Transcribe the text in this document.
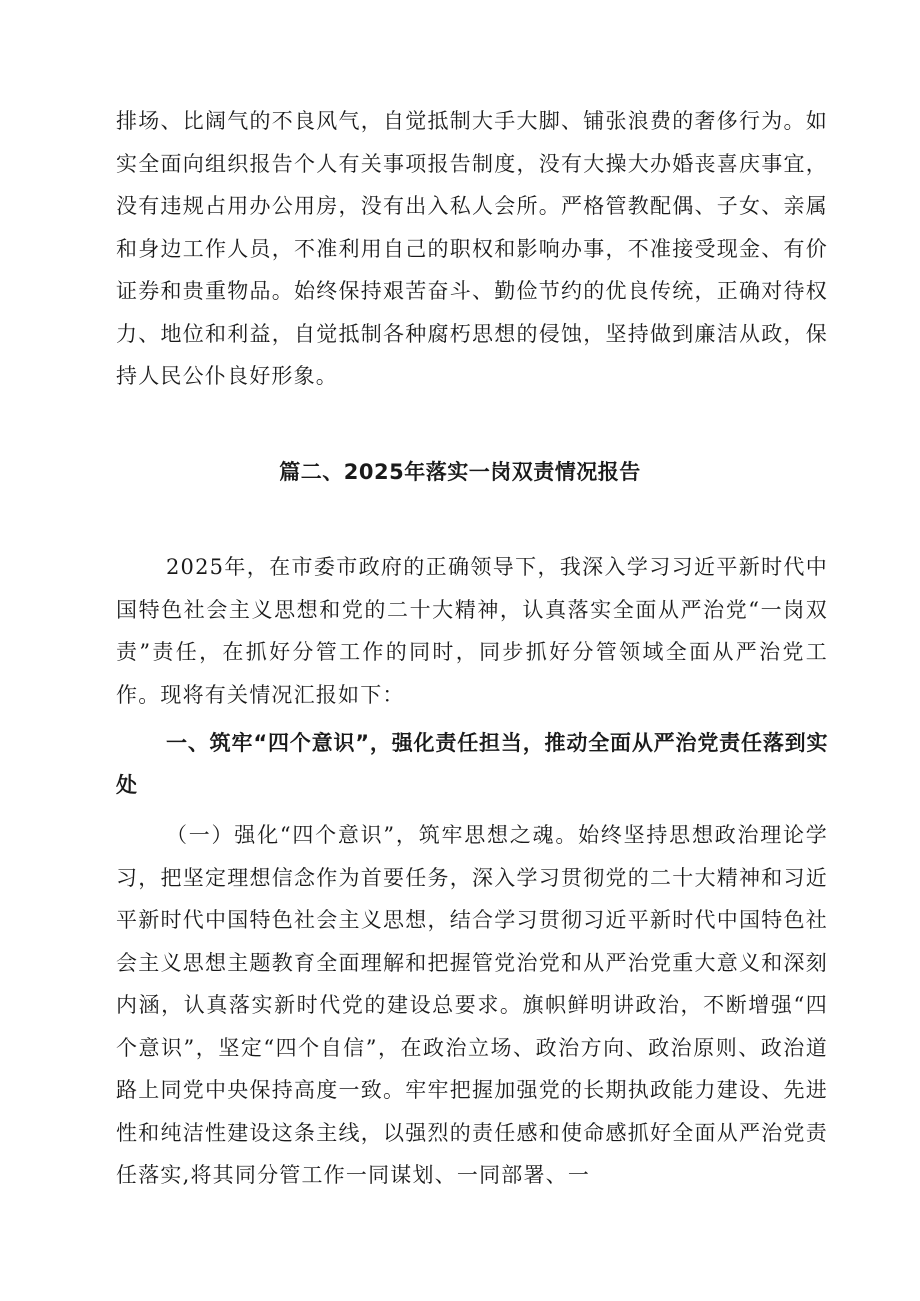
排场、比阔气的不良风气，自觉抵制大手大脚、铺张浪费的奢侈行为。如实全面向组织报告个人有关事项报告制度，没有大操大办婚丧喜庆事宜，没有违规占用办公用房，没有出入私人会所。严格管教配偶、子女、亲属和身边工作人员，不准利用自己的职权和影响办事，不准接受现金、有价证券和贵重物品。始终保持艰苦奋斗、勤俭节约的优良传统，正确对待权力、地位和利益，自觉抵制各种腐朽思想的侵蚀，坚持做到廉洁从政，保持人民公仆良好形象。

篇二、2025年落实一岗双责情况报告

2025年，在市委市政府的正确领导下，我深入学习习近平新时代中国特色社会主义思想和党的二十大精神，认真落实全面从严治党“一岗双责”责任，在抓好分管工作的同时，同步抓好分管领域全面从严治党工作。现将有关情况汇报如下：

一、筑牢“四个意识”，强化责任担当，推动全面从严治党责任落到实处

（一）强化“四个意识”，筑牢思想之魂。始终坚持思想政治理论学习，把坚定理想信念作为首要任务，深入学习贯彻党的二十大精神和习近平新时代中国特色社会主义思想，结合学习贯彻习近平新时代中国特色社会主义思想主题教育全面理解和把握管党治党和从严治党重大意义和深刻内涵，认真落实新时代党的建设总要求。旗帜鲜明讲政治，不断增强“四个意识”，坚定“四个自信”，在政治立场、政治方向、政治原则、政治道路上同党中央保持高度一致。牢牢把握加强党的长期执政能力建设、先进性和纯洁性建设这条主线，以强烈的责任感和使命感抓好全面从严治党责任落实,将其同分管工作一同谋划、一同部署、一
